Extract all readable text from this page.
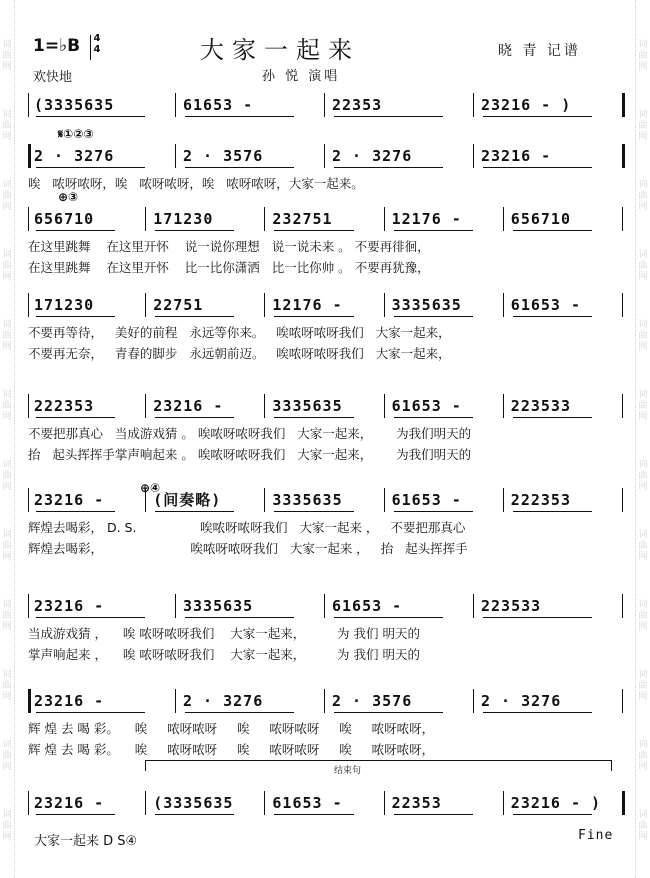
词曲网
词曲网
词曲网
词曲网
词曲网
词曲网
词曲网
词曲网
词曲网
词曲网
词曲网
词曲网
词曲网
词曲网
词曲网
词曲网
词曲网
词曲网
词曲网
词曲网
词曲网
词曲网
词曲网
词曲网
1=♭B	4
4
欢快地
大家一起来	晓 青 记谱
孙 悦 演唱
(3335635	61653 -	22353	23216 - )
2 · 3276	2 · 3576	2 · 3276	23216 -
𝄋①②③
唉   哝呀哝呀，唉   哝呀哝呀，唉   哝呀哝呀，大家一起来。
656710	171230	232751	12176 -	656710
⊕③
在这里跳舞    在这里开怀    说一说你理想   说一说未来 。 不要再徘徊，
在这里跳舞    在这里开怀    比一比你潇洒   比一比你帅 。 不要再犹豫，
171230	22751	12176 -	3335635	61653 -
不要再等待，   美好的前程   永远等你来。   唉哝呀哝呀我们   大家一起来，
不要再无奈，   青春的脚步   永远朝前迈。   唉哝呀哝呀我们   大家一起来，
222353	23216 -	3335635	61653 -	223533
不要把那真心   当成游戏猜 。 唉哝呀哝呀我们   大家一起来，      为我们明天的
抬   起头挥挥手掌声响起来 。 唉哝呀哝呀我们   大家一起来，      为我们明天的
23216 -	(间奏略)	3335635	61653 -	222353
⊕④
辉煌去喝彩， D. S.                唉哝呀哝呀我们   大家一起来 ，   不要把那真心
辉煌去喝彩，                      唉哝呀哝呀我们   大家一起来 ，   抬   起头挥挥手
23216 -	3335635	61653 -	223533
当成游戏猜 ，    唉 哝呀哝呀我们    大家一起来，        为 我们 明天的
掌声响起来 ，    唉 哝呀哝呀我们    大家一起来，        为 我们 明天的
23216 -	2 · 3276	2 · 3576	2 · 3276
辉 煌 去 喝 彩。    唉     哝呀哝呀     唉     哝呀哝呀     唉     哝呀哝呀，
辉 煌 去 喝 彩。    唉     哝呀哝呀     唉     哝呀哝呀     唉     哝呀哝呀，
23216 -	(3335635	61653 -	22353	23216 - )
结束句
大家一起来 D S④	Fine
